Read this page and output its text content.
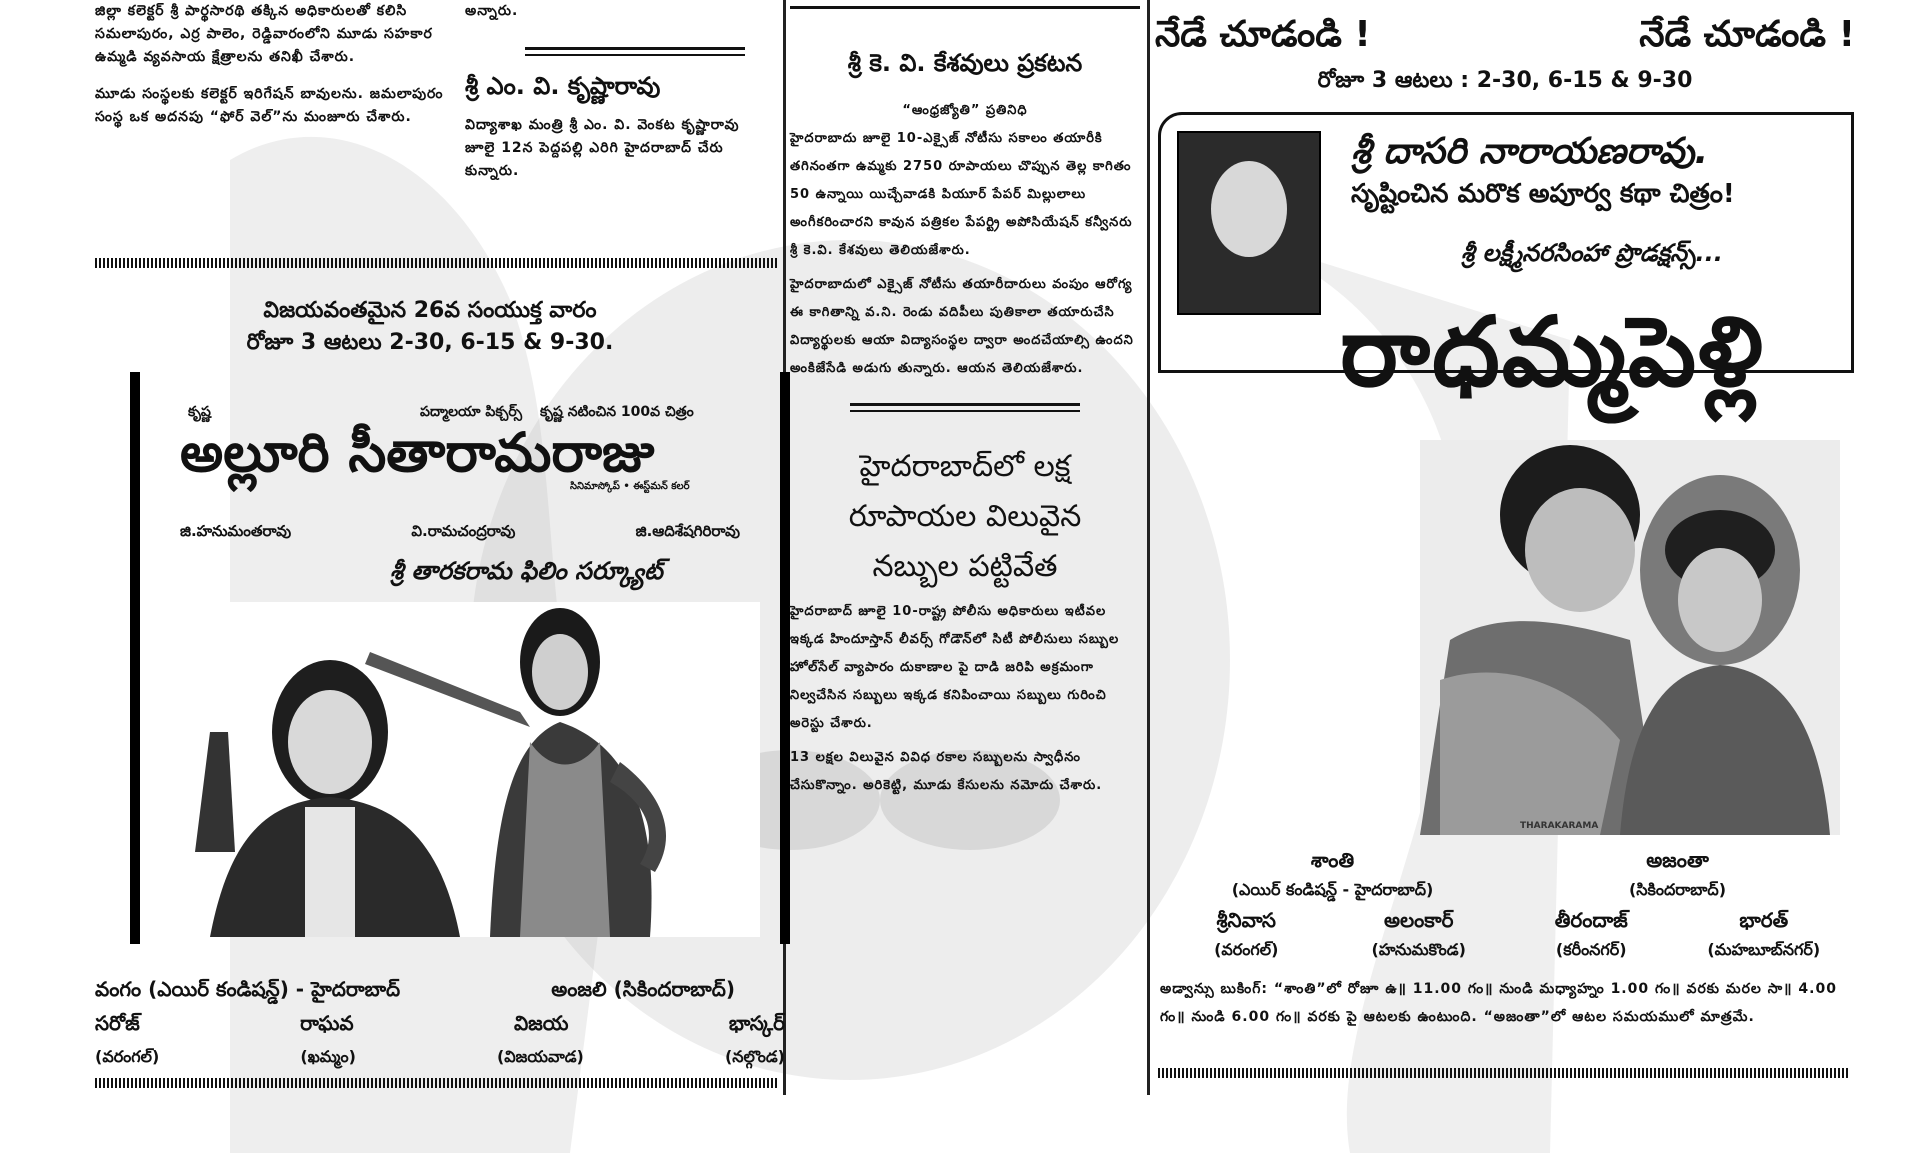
జిల్లా కలెక్టర్ శ్రీ పార్థసారథి తక్కిన అధికారులతో కలిసి సమలాపురం, ఎర్ర పాలెం, రెడ్డివారంలోని మూడు సహకార ఉమ్మడి వ్యవసాయ క్షేత్రాలను తనిఖీ చేశారు.
మూడు సంస్థలకు కలెక్టర్ ఇరిగేషన్ బావులను. జమలాపురం సంస్థ ఒక అదనపు “ఫోర్ వెల్”ను మంజూరు చేశారు.
అన్నారు.
శ్రీ ఎం. వి. కృష్ణారావు
విద్యాశాఖ మంత్రి శ్రీ ఎం. వి. వెంకట కృష్ణారావు జూలై 12న పెద్దపల్లి ఎరిగి హైదరాబాద్ చేరు కున్నారు.
విజయవంతమైన 26వ సంయుక్త వారం
రోజూ 3 ఆటలు 2-30, 6-15 & 9-30.
కృష్ణ	పద్మాలయా పిక్చర్స్ కృష్ణ నటించిన 100వ చిత్రం
అల్లూరి సీతారామరాజు
సినిమాస్కోప్ • ఈస్ట్‌మన్ కలర్
జి.హనుమంతరావు	వి.రామచంద్రరావు	జి.ఆదిశేషగిరిరావు
శ్రీ తారకరామ ఫిలిం సర్క్యూట్
వంగం (ఎయిర్ కండిషన్డ్) - హైదరాబాద్	అంజలి (సికిందరాబాద్)
సరోజ్	రాఘవ	విజయ	భాస్కర్
(వరంగల్)	(ఖమ్మం)	(విజయవాడ)	(నల్గొండ)
శ్రీ కె. వి. కేశవులు ప్రకటన
“ఆంధ్రజ్యోతి” ప్రతినిధి
హైదరాబాదు జూలై 10-ఎక్సైజ్ నోటీసు సకాలం తయారీకి తగినంతగా ఉమ్మకు 2750 రూపాయలు చొప్పున తెల్ల కాగితం 50 ఉన్నాయి యిచ్చేవాడకి పియూర్ పేపర్ మిల్లులాలు అంగీకరించారని కావున పత్రికల పేపర్ట్రి అపోసియేషన్ కన్వీనరు శ్రీ కె.వి. కేశవులు తెలియజేశారు.
హైదరాబాదులో ఎక్సైజ్ నోటీసు తయారీదారులు వంపుం ఆరోగ్య ఈ కాగితాన్ని వ.ని. రెండు వదిపీలు పుతికాలా తయారుచేసి విద్యార్థులకు ఆయా విద్యాసంస్థల ద్వారా అందచేయాల్సి ఉందని అంకిజేసేడి అడుగు తున్నారు. ఆయన తెలియజేశారు.
హైదరాబాద్‌లో లక్ష
రూపాయల విలువైన
నబ్బుల పట్టివేత
హైదరాబాద్ జూలై 10-రాష్ట్ర పోలీసు అధికారులు ఇటీవల ఇక్కడ హిందూస్తాన్ లీవర్స్ గోడౌన్‌లో సిటీ పోలీసులు సబ్బుల హోల్‌సేల్ వ్యాపారం దుకాణాల పై దాడి జరిపి అక్రమంగా నిల్వచేసిన సబ్బులు ఇక్కడ కనిపించాయి సబ్బులు గురించి అరెస్టు చేశారు.
13 లక్షల విలువైన వివిధ రకాల సబ్బులను స్వాధీనం చేసుకొన్నాం. అరికెట్టి, మూడు కేసులను నమోదు చేశారు.
నేడే చూడండి !	నేడే చూడండి !
రోజూ 3 ఆటలు : 2-30, 6-15 & 9-30
శ్రీ దాసరి నారాయణరావు.
సృష్టించిన మరొక అపూర్వ కథా చిత్రం!
శ్రీ లక్ష్మీనరసింహా ప్రొడక్షన్స్...
రాధమ్మపెళ్లి
THARAKARAMA
శాంతి	అజంతా
(ఎయిర్ కండిషన్డ్ - హైదరాబాద్)	(సికిందరాబాద్)
శ్రీనివాస	అలంకార్	తీరందాజ్	భారత్
(వరంగల్)	(హనుమకొండ)	(కరీంనగర్)	(మహబూబ్‌నగర్)
అడ్వాన్సు బుకింగ్: “శాంతి”లో రోజూ ఉ॥ 11.00 గం॥ నుండి మధ్యాహ్నం 1.00 గం॥ వరకు మరల సా॥ 4.00 గం॥ నుండి 6.00 గం॥ వరకు పై ఆటలకు ఉంటుంది. “అజంతా”లో ఆటల సమయములో మాత్రమే.
